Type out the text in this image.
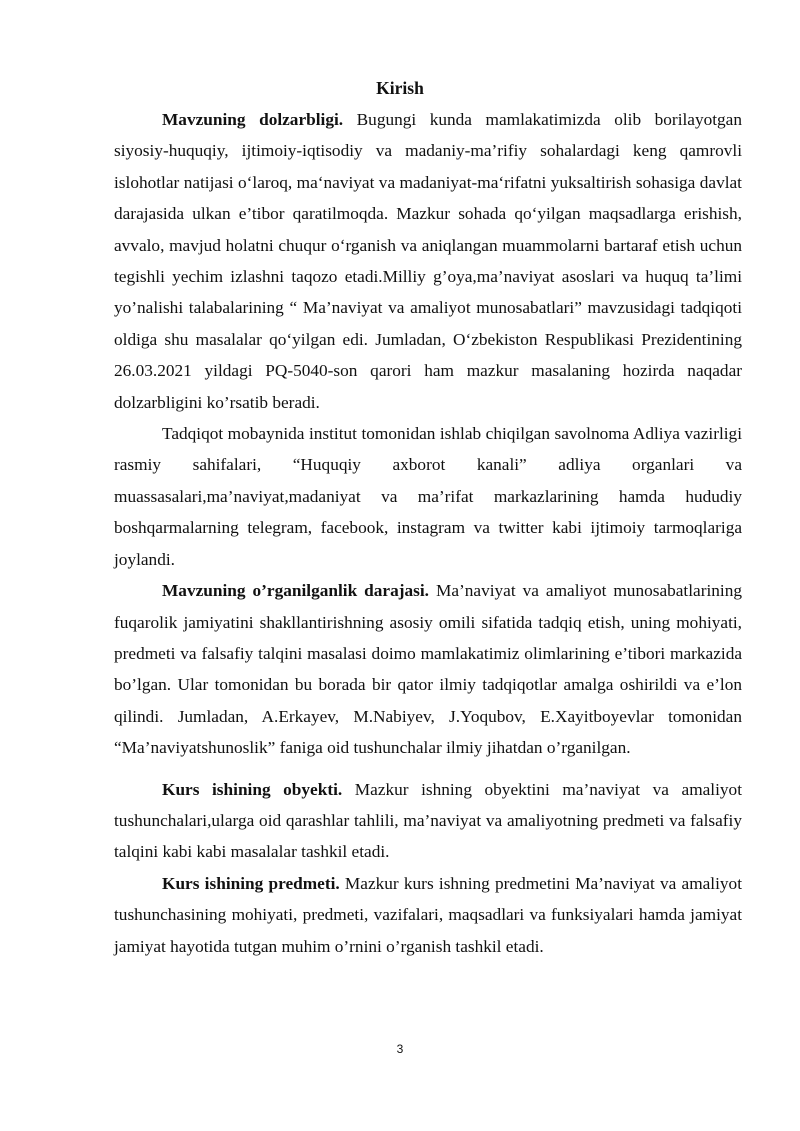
Kirish

Mavzuning dolzarbligi. Bugungi kunda mamlakatimizda olib borilayotgan siyosiy-huquqiy, ijtimoiy-iqtisodiy va madaniy-ma’rifiy sohalardagi keng qamrovli islohotlar natijasi o‘laroq, ma‘naviyat va madaniyat-ma‘rifatni yuksaltirish sohasiga davlat darajasida ulkan e’tibor qaratilmoqda. Mazkur sohada qo‘yilgan maqsadlarga erishish, avvalo, mavjud holatni chuqur o‘rganish va aniqlangan muammolarni bartaraf etish uchun tegishli yechim izlashni taqozo etadi.Milliy g’oya,ma’naviyat asoslari va huquq ta’limi yo’nalishi talabalarining “ Ma’naviyat va amaliyot munosabatlari” mavzusidagi tadqiqoti oldiga shu masalalar qo‘yilgan edi. Jumladan, O‘zbekiston Respublikasi Prezidentining 26.03.2021 yildagi PQ-5040-son qarori ham mazkur masalaning hozirda naqadar dolzarbligini ko’rsatib beradi.

Tadqiqot mobaynida institut tomonidan ishlab chiqilgan savolnoma Adliya vazirligi rasmiy sahifalari, “Huquqiy axborot kanali” adliya organlari va muassasalari,ma’naviyat,madaniyat va ma’rifat markazlarining hamda hududiy boshqarmalarning telegram, facebook, instagram va twitter kabi ijtimoiy tarmoqlariga joylandi.

Mavzuning o’rganilganlik darajasi. Ma’naviyat va amaliyot munosabatlarining fuqarolik jamiyatini shakllantirishning asosiy omili sifatida tadqiq etish, uning mohiyati, predmeti va falsafiy talqini masalasi doimo mamlakatimiz olimlarining e’tibori markazida bo’lgan. Ular tomonidan bu borada bir qator ilmiy tadqiqotlar amalga oshirildi va e’lon qilindi. Jumladan, A.Erkayev, M.Nabiyev, J.Yoqubov, E.Xayitboyevlar tomonidan “Ma’naviyatshunoslik” faniga oid tushunchalar ilmiy jihatdan o’rganilgan.

Kurs ishining obyekti. Mazkur ishning obyektini ma’naviyat va amaliyot tushunchalari,ularga oid qarashlar tahlili, ma’naviyat va amaliyotning predmeti va falsafiy talqini kabi kabi masalalar tashkil etadi.

Kurs ishining predmeti. Mazkur kurs ishning predmetini Ma’naviyat va amaliyot tushunchasining mohiyati, predmeti, vazifalari, maqsadlari va funksiyalari hamda jamiyat jamiyat hayotida tutgan muhim o’rnini o’rganish tashkil etadi.

3
